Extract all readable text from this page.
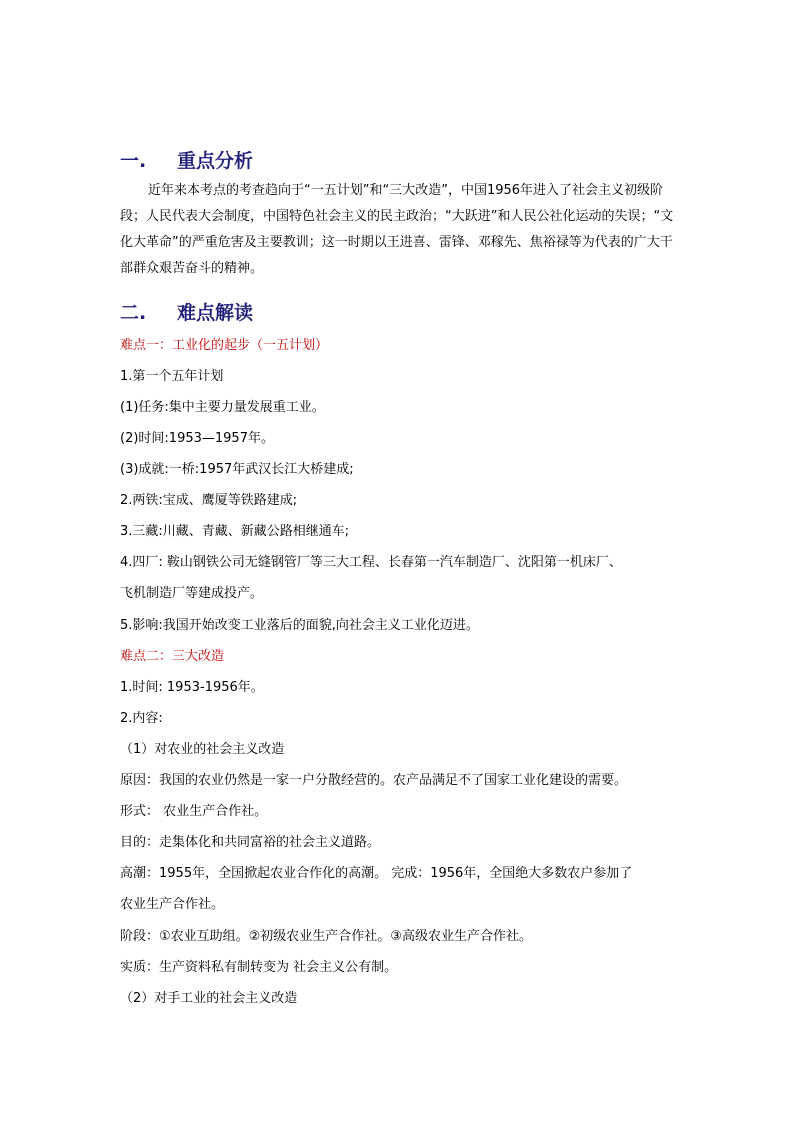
一. 重点分析

近年来本考点的考查趋向于“一五计划”和“三大改造”，中国1956年进入了社会主义初级阶段；人民代表大会制度，中国特色社会主义的民主政治；“大跃进”和人民公社化运动的失误；“文化大革命”的严重危害及主要教训；这一时期以王进喜、雷锋、邓稼先、焦裕禄等为代表的广大干部群众艰苦奋斗的精神。

二. 难点解读

难点一：工业化的起步（一五计划）

1.第一个五年计划

(1)任务:集中主要力量发展重工业。

(2)时间:1953—1957年。

(3)成就:一桥:1957年武汉长江大桥建成;

2.两铁:宝成、鹰厦等铁路建成;

3.三藏:川藏、青藏、新藏公路相继通车;

4.四厂: 鞍山钢铁公司无缝钢管厂等三大工程、长春第一汽车制造厂、沈阳第一机床厂、

飞机制造厂等建成投产。

5.影响:我国开始改变工业落后的面貌,向社会主义工业化迈进。

难点二：三大改造

1.时间: 1953-1956年。

2.内容:

（1）对农业的社会主义改造

原因：我国的农业仍然是一家一户分散经营的。农产品满足不了国家工业化建设的需要。

形式： 农业生产合作社。

目的：走集体化和共同富裕的社会主义道路。

高潮：1955年，全国掀起农业合作化的高潮。 完成：1956年，全国绝大多数农户参加了

农业生产合作社。

阶段：①农业互助组。②初级农业生产合作社。③高级农业生产合作社。

实质：生产资料私有制转变为 社会主义公有制。

（2）对手工业的社会主义改造
